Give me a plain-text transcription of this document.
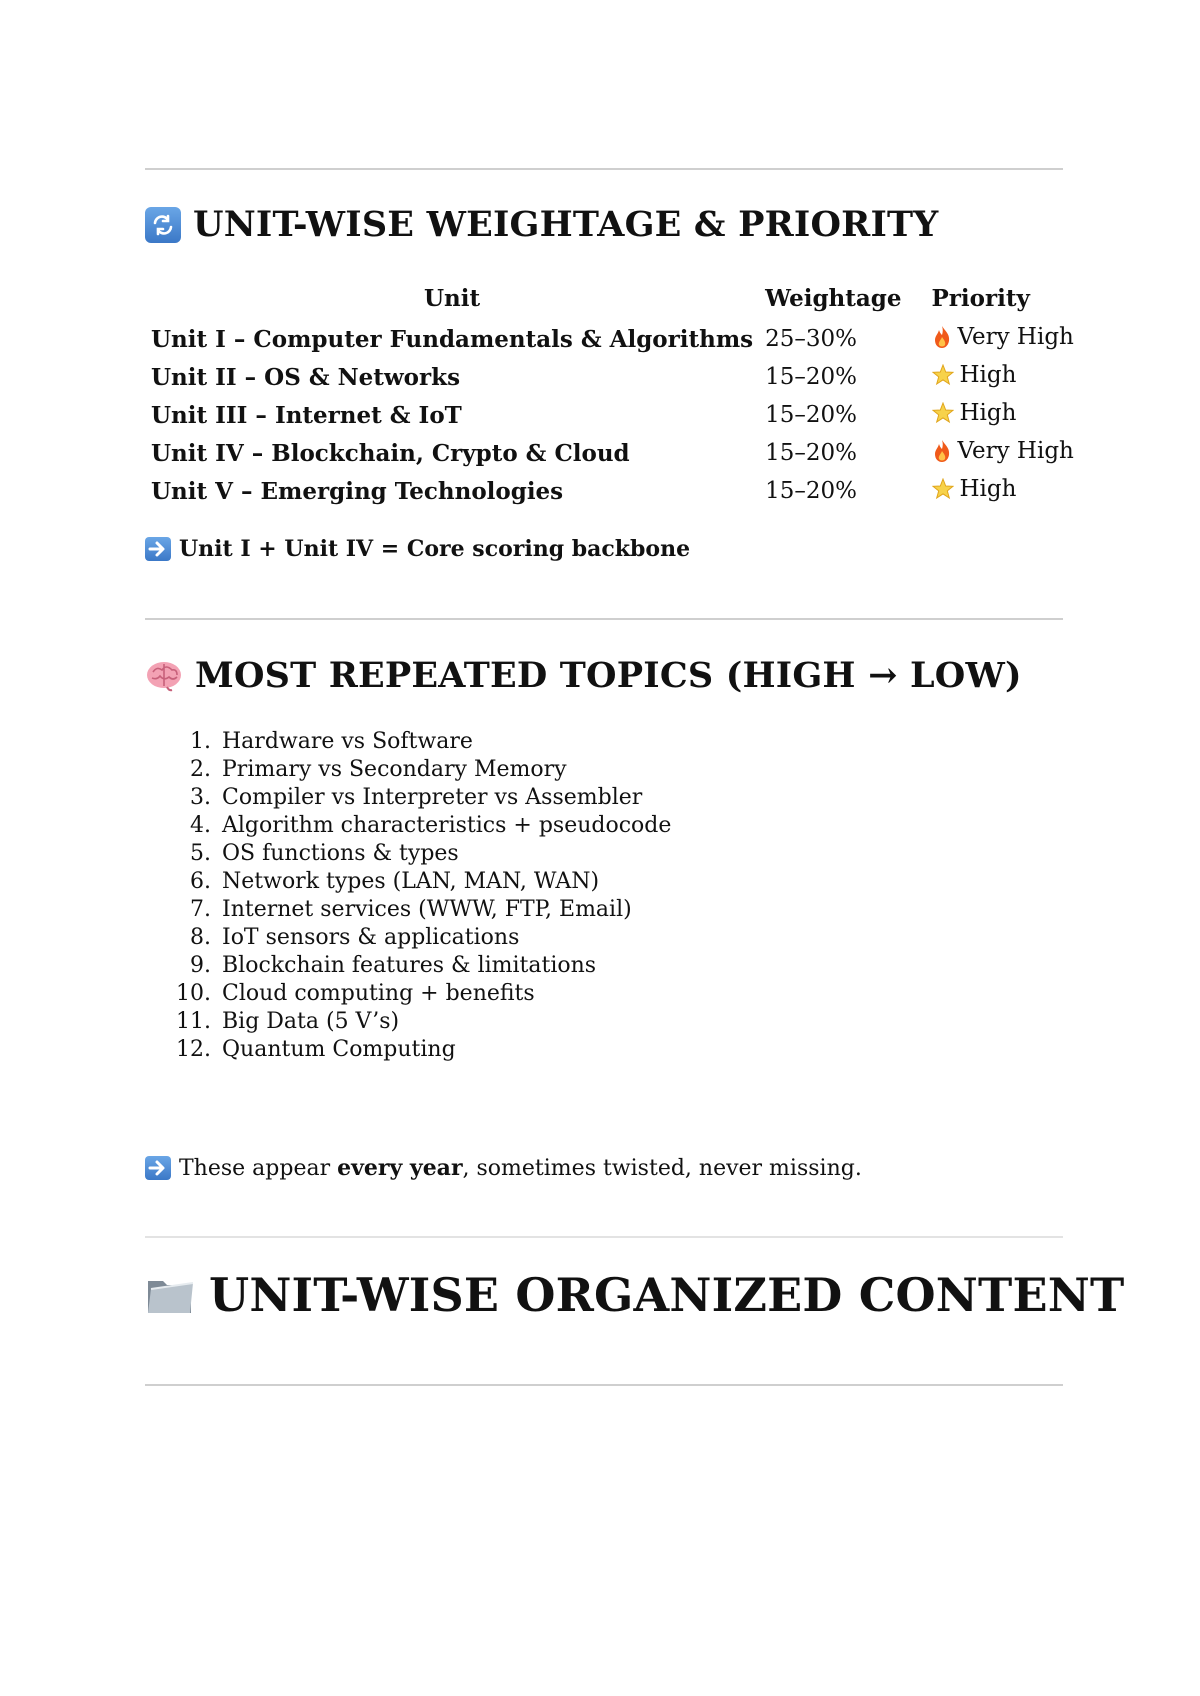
UNIT-WISE WEIGHTAGE & PRIORITY
Unit	Weightage	Priority
Unit I – Computer Fundamentals & Algorithms	25–30%	Very High

Unit II – OS & Networks	15–20%	High

Unit III – Internet & IoT	15–20%	High

Unit IV – Blockchain, Crypto & Cloud	15–20%	Very High

Unit V – Emerging Technologies	15–20%	High
Unit I + Unit IV = Core scoring backbone
MOST REPEATED TOPICS (HIGH → LOW)
1. Hardware vs Software
2. Primary vs Secondary Memory
3. Compiler vs Interpreter vs Assembler
4. Algorithm characteristics + pseudocode
5. OS functions & types
6. Network types (LAN, MAN, WAN)
7. Internet services (WWW, FTP, Email)
8. IoT sensors & applications
9. Blockchain features & limitations
10. Cloud computing + benefits
11. Big Data (5 V’s)
12. Quantum Computing
These appear every year, sometimes twisted, never missing.
UNIT-WISE ORGANIZED CONTENT
